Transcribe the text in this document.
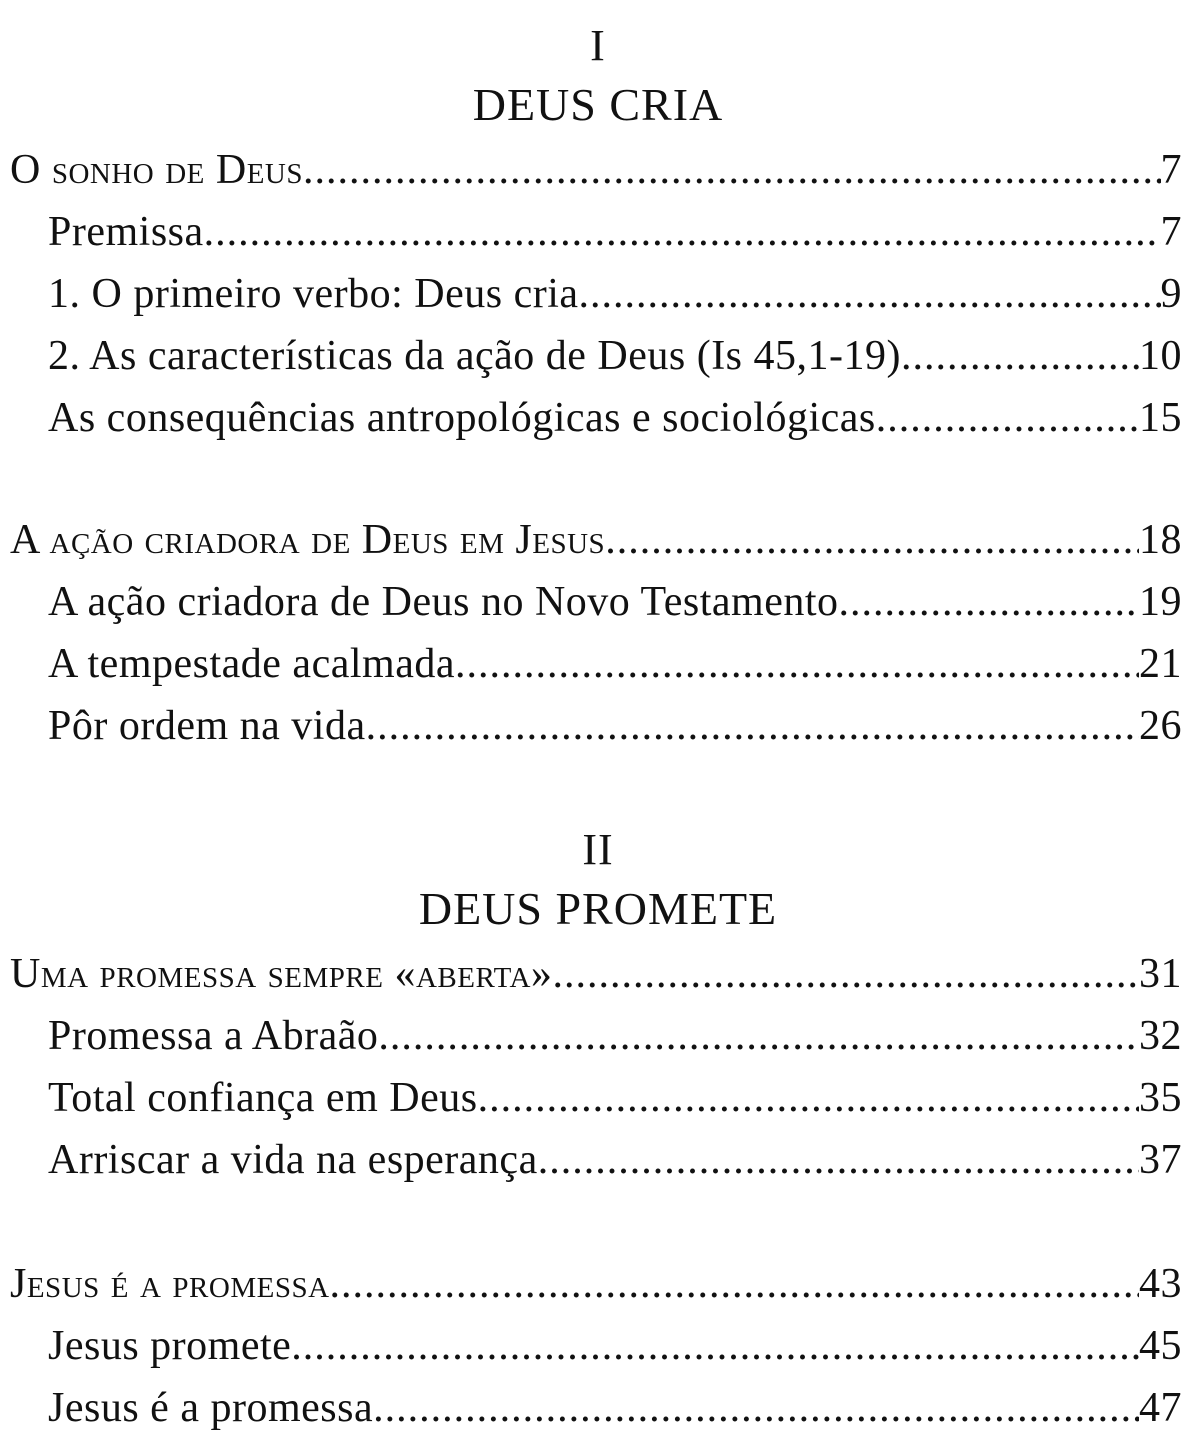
I
DEUS CRIA
O sonho de Deus .....	7
Premissa .....	7
1. O primeiro verbo: Deus cria .....	9
2. As características da ação de Deus (Is 45,1-19) .....	10
As consequências antropológicas e sociológicas .....	15
A ação criadora de Deus em Jesus .....	18
A ação criadora de Deus no Novo Testamento .....	19
A tempestade acalmada .....	21
Pôr ordem na vida .....	26
II
DEUS PROMETE
Uma promessa sempre «aberta» .....	31
Promessa a Abraão .....	32
Total confiança em Deus .....	35
Arriscar a vida na esperança .....	37
Jesus é a promessa .....	43
Jesus promete .....	45
Jesus é a promessa .....	47
